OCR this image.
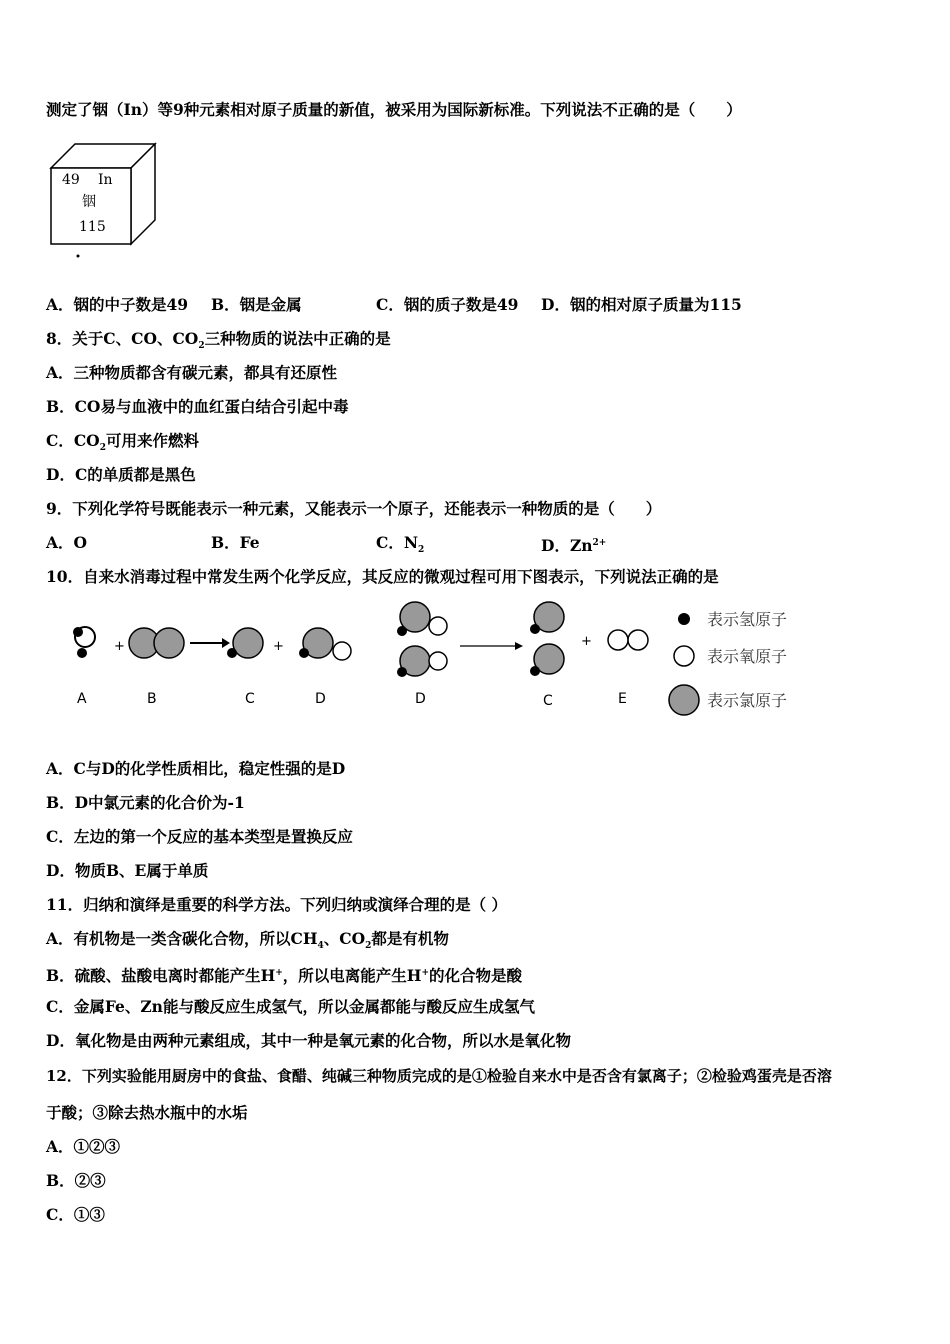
测定了铟（In）等9种元素相对原子质量的新值，被采用为国际新标准。下列说法不正确的是（　　）
49 In
铟
115
A．铟的中子数是49 B．铟是金属	C．铟的质子数是49 D．铟的相对原子质量为115
8．关于C、CO、$CO_2$三种物质的说法中正确的是
A．三种物质都含有碳元素，都具有还原性
B．CO易与血液中的血红蛋白结合引起中毒
C．$CO_2$可用来作燃料
D．C的单质都是黑色
9．下列化学符号既能表示一种元素，又能表示一个原子，还能表示一种物质的是（　　）
A．O	B．Fe	C．$N_2$	D．$Zn^{2+}$
10．自来水消毒过程中常发生两个化学反应，其反应的微观过程可用下图表示，下列说法正确的是
+	+
A	B	C	D
+
D	C	E
表示氢原子
表示氧原子
表示氯原子
A．C与D的化学性质相比，稳定性强的是D
B．D中氯元素的化合价为-1
C．左边的第一个反应的基本类型是置换反应
D．物质B、E属于单质
11．归纳和演绎是重要的科学方法。下列归纳或演绎合理的是（ ）
A．有机物是一类含碳化合物，所以$CH_4$、$CO_2$都是有机物
B．硫酸、盐酸电离时都能产生H+，所以电离能产生H+的化合物是酸
C．金属Fe、Zn能与酸反应生成氢气，所以金属都能与酸反应生成氢气
D．氧化物是由两种元素组成，其中一种是氧元素的化合物，所以水是氧化物
12．下列实验能用厨房中的食盐、食醋、纯碱三种物质完成的是①检验自来水中是否含有氯离子；②检验鸡蛋壳是否溶
于酸；③除去热水瓶中的水垢
A．①②③
B．②③
C．①③
